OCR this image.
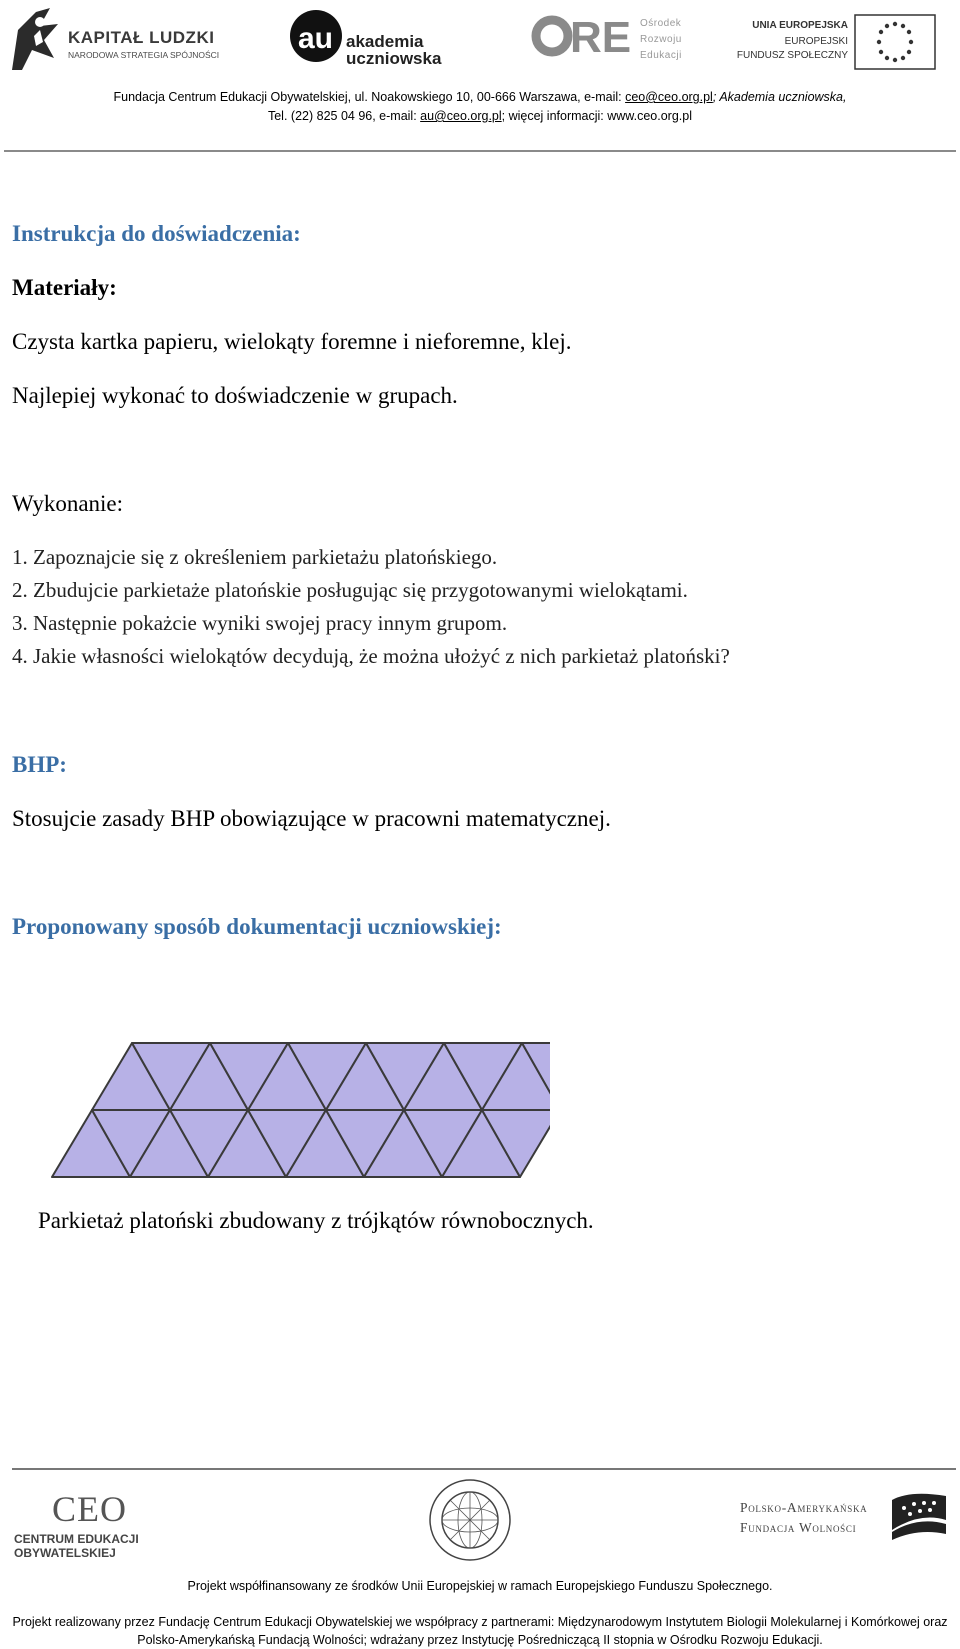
KAPITAŁ LUDZKI
NARODOWA STRATEGIA SPÓJNOŚCI	au akademia
uczniowska	RE Ośrodek
Rozwoju
Edukacji
UNIA EUROPEJSKA
EUROPEJSKI
FUNDUSZ SPOŁECZNY
Fundacja Centrum Edukacji Obywatelskiej, ul. Noakowskiego 10, 00-666 Warszawa, e-mail: ceo@ceo.org.pl; Akademia uczniowska,
Tel. (22) 825 04 96, e-mail: au@ceo.org.pl; więcej informacji: www.ceo.org.pl
Instrukcja do doświadczenia:
Materiały:
Czysta kartka papieru, wielokąty foremne i nieforemne, klej.
Najlepiej wykonać to doświadczenie w grupach.
Wykonanie:
1. Zapoznajcie się z określeniem parkietażu platońskiego.
2. Zbudujcie parkietaże platońskie posługując się przygotowanymi wielokątami.
3. Następnie pokażcie wyniki swojej pracy innym grupom.
4. Jakie własności wielokątów decydują, że można ułożyć z nich parkietaż platoński?
BHP:
Stosujcie zasady BHP obowiązujące w pracowni matematycznej.
Proponowany sposób dokumentacji uczniowskiej:
Parkietaż platoński zbudowany z trójkątów równobocznych.
CEO
CENTRUM EDUKACJI OBYWATELSKIEJ
Polsko-Amerykańska
Fundacja Wolności
Projekt współfinansowany ze środków Unii Europejskiej w ramach Europejskiego Funduszu Społecznego.
Projekt realizowany przez Fundację Centrum Edukacji Obywatelskiej we współpracy z partnerami: Międzynarodowym Instytutem Biologii Molekularnej i Komórkowej oraz
Polsko-Amerykańską Fundacją Wolności; wdrażany przez Instytucję Pośredniczącą II stopnia w Ośrodku Rozwoju Edukacji.
